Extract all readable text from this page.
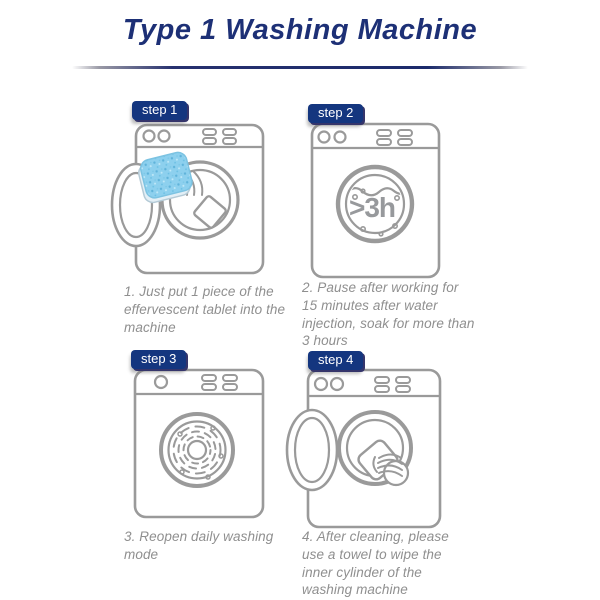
Type 1 Washing Machine
step 1	step 2
step 3	step 4
>3h
1. Just put 1 piece of the effervescent tablet into the machine
2. Pause after working for 15 minutes after water injection, soak for more than 3 hours
3. Reopen daily washing mode
4. After cleaning, please use a towel to wipe the inner cylinder of the washing machine
